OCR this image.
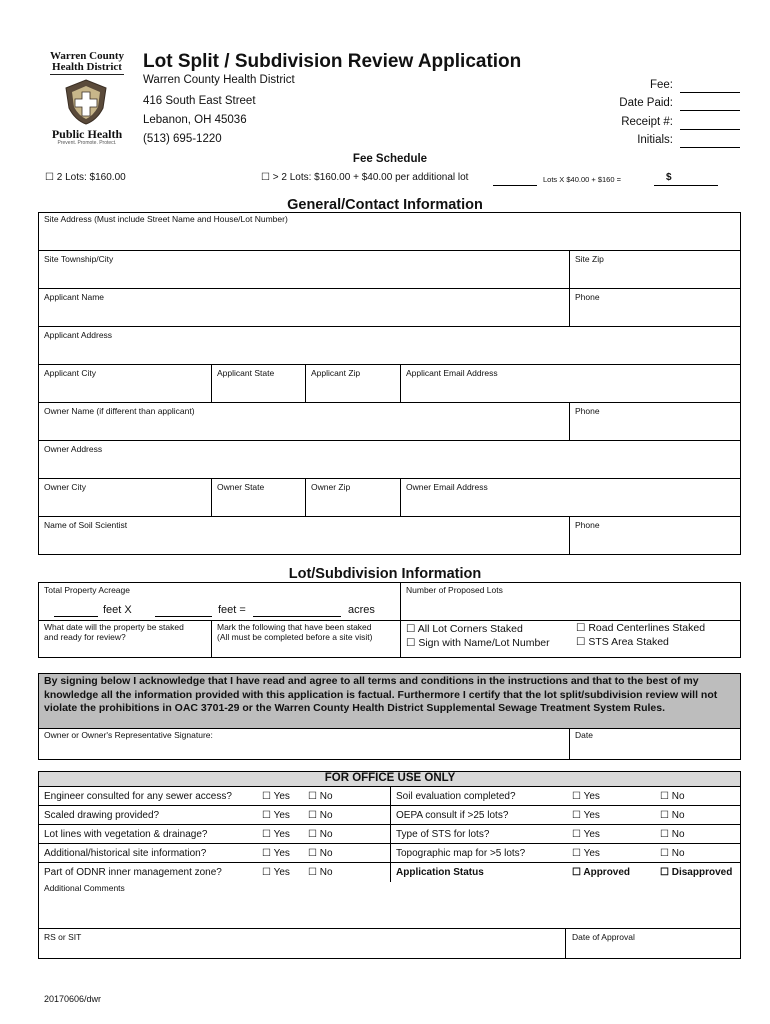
Warren County
Health District
Public Health
Prevent. Promote. Protect.
Lot Split / Subdivision Review Application
Warren County Health District
416 South East Street
Lebanon, OH 45036
(513) 695-1220
Fee:
Date Paid:
Receipt #:
Initials:
Fee Schedule
☐ 2 Lots: $160.00	☐ > 2 Lots: $160.00 + $40.00 per additional lot	Lots X $40.00 + $160 =	$
General/Contact Information
Site Address (Must include Street Name and House/Lot Number)
Site Township/City	Site Zip
Applicant Name	Phone
Applicant Address
Applicant City	Applicant State	Applicant Zip	Applicant Email Address
Owner Name (if different than applicant)	Phone
Owner Address
Owner City	Owner State	Owner Zip	Owner Email Address
Name of Soil Scientist	Phone
Lot/Subdivision Information
Total Property Acreage	Number of Proposed Lots
feet X	feet =	acres
What date will the property be staked
and ready for review?
Mark the following that have been staked
(All must be completed before a site visit)
☐ All Lot Corners Staked
☐ Sign with Name/Lot Number
☐ Road Centerlines Staked
☐ STS Area Staked
By signing below I acknowledge that I have read and agree to all terms and conditions in the instructions and that to the best of my knowledge all the information provided with this application is factual. Furthermore I certify that the lot split/subdivision review will not violate the prohibitions in OAC 3701-29 or the Warren County Health District Supplemental Sewage Treatment System Rules.
Owner or Owner's Representative Signature:	Date
FOR OFFICE USE ONLY
Engineer consulted for any sewer access?	☐ Yes ☐ No	Soil evaluation completed?	☐ Yes	☐ No
Scaled drawing provided?	☐ Yes ☐ No	OEPA consult if >25 lots?	☐ Yes	☐ No
Lot lines with vegetation & drainage?	☐ Yes ☐ No	Type of STS for lots?	☐ Yes	☐ No
Additional/historical site information?	☐ Yes ☐ No	Topographic map for >5 lots?	☐ Yes	☐ No
Part of ODNR inner management zone?	☐ Yes ☐ No	Application Status	☐ Approved	☐ Disapproved
Additional Comments
RS or SIT	Date of Approval
20170606/dwr
